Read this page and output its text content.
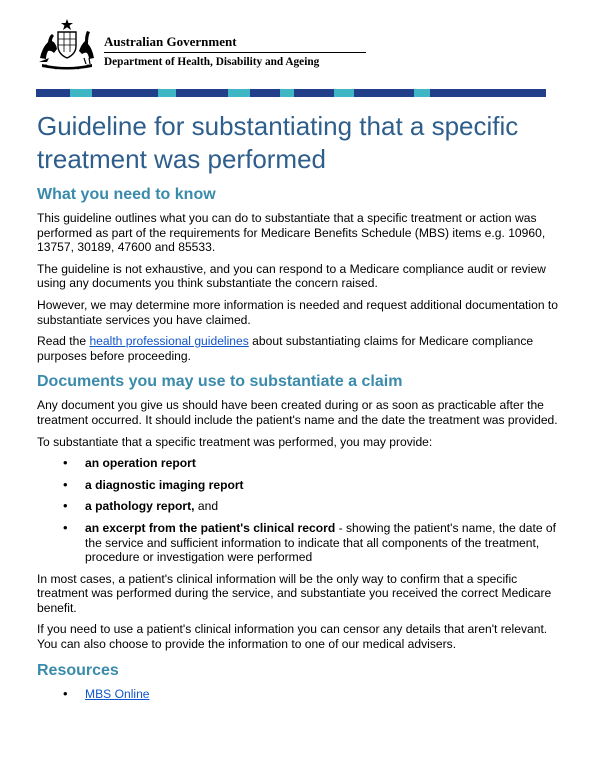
Australian Government
Department of Health, Disability and Ageing
Guideline for substantiating that a specific treatment was performed
What you need to know

This guideline outlines what you can do to substantiate that a specific treatment or action was performed as part of the requirements for Medicare Benefits Schedule (MBS) items e.g. 10960, 13757, 30189, 47600 and 85533.

The guideline is not exhaustive, and you can respond to a Medicare compliance audit or review using any documents you think substantiate the concern raised.

However, we may determine more information is needed and request additional documentation to substantiate services you have claimed.

Read the health professional guidelines about substantiating claims for Medicare compliance purposes before proceeding.

Documents you may use to substantiate a claim

Any document you give us should have been created during or as soon as practicable after the treatment occurred. It should include the patient's name and the date the treatment was provided.

To substantiate that a specific treatment was performed, you may provide:

• an operation report
• a diagnostic imaging report
• a pathology report, and
• an excerpt from the patient's clinical record - showing the patient's name, the date of the service and sufficient information to indicate that all components of the treatment, procedure or investigation were performed

In most cases, a patient's clinical information will be the only way to confirm that a specific treatment was performed during the service, and substantiate you received the correct Medicare benefit.

If you need to use a patient's clinical information you can censor any details that aren't relevant. You can also choose to provide the information to one of our medical advisers.

Resources
• MBS Online
